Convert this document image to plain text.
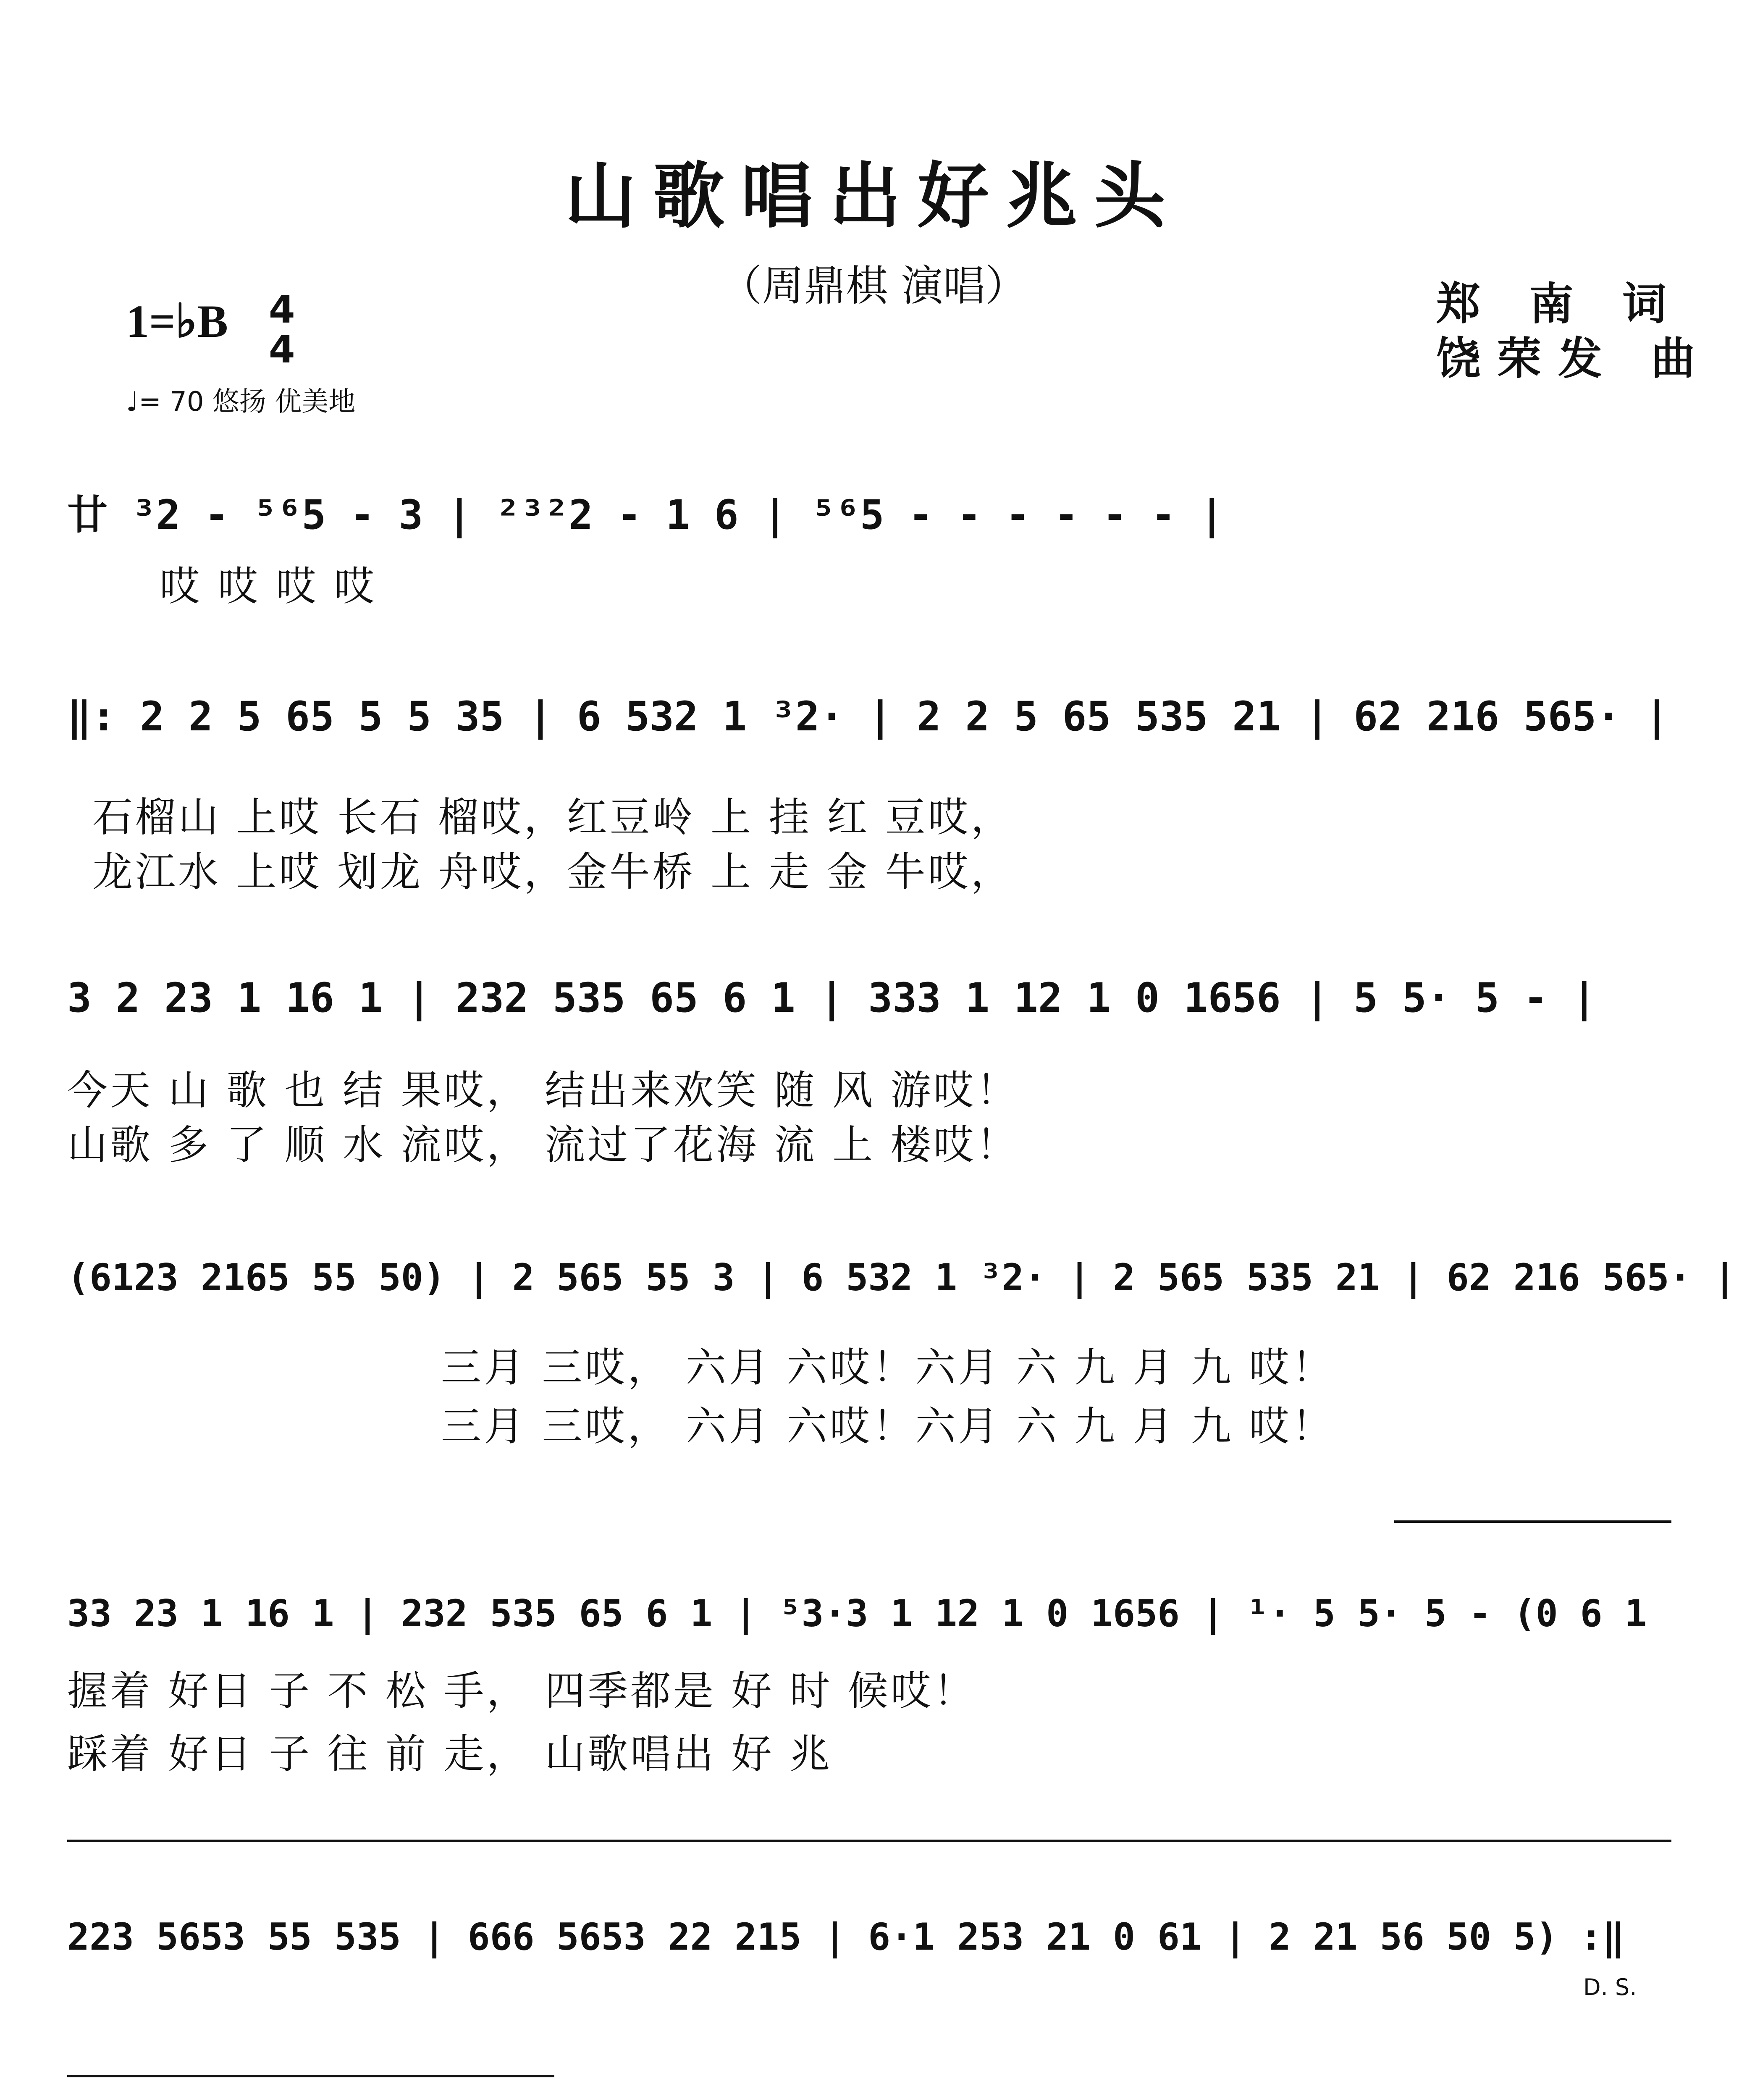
山歌唱出好兆头
（周鼎棋 演唱）
1=♭B 4
4
♩= 70 悠扬 优美地
郑 南 词
饶荣发 曲
廿 ³2 - ⁵⁶5 - 3 | ²³²2 - 1 6 | ⁵⁶5 - - - - - - |
哎 哎 哎 哎
‖: 2 2 5 65 5 5 35 | 6 532 1 ³2· | 2 2 5 65 535 21 | 62 216 565· |
石榴山 上哎 长石 榴哎，红豆岭 上 挂 红 豆哎，
龙江水 上哎 划龙 舟哎，金牛桥 上 走 金 牛哎，
3 2 23 1 16 1 | 232 535 65 6 1 | 333 1 12 1 0 1656 | 5 5· 5 - |
今天 山 歌 也 结 果哎， 结出来欢笑 随 风 游哎！
山歌 多 了 顺 水 流哎， 流过了花海 流 上 楼哎！
(6123 2165 55 50) | 2 565 55 3 | 6 532 1 ³2· | 2 565 535 21 | 62 216 565· |
三月 三哎， 六月 六哎！六月 六 九 月 九 哎！
三月 三哎， 六月 六哎！六月 六 九 月 九 哎！
33 23 1 16 1 | 232 535 65 6 1 | ⁵3·3 1 12 1 0 1656 | ¹· 5 5· 5 - (0 6 1
握着 好日 子 不 松 手， 四季都是 好 时 候哎！
踩着 好日 子 往 前 走， 山歌唱出 好 兆
223 5653 55 535 | 666 5653 22 215 | 6·1 253 21 0 61 | 2 21 56 50 5) :‖
D. S.
